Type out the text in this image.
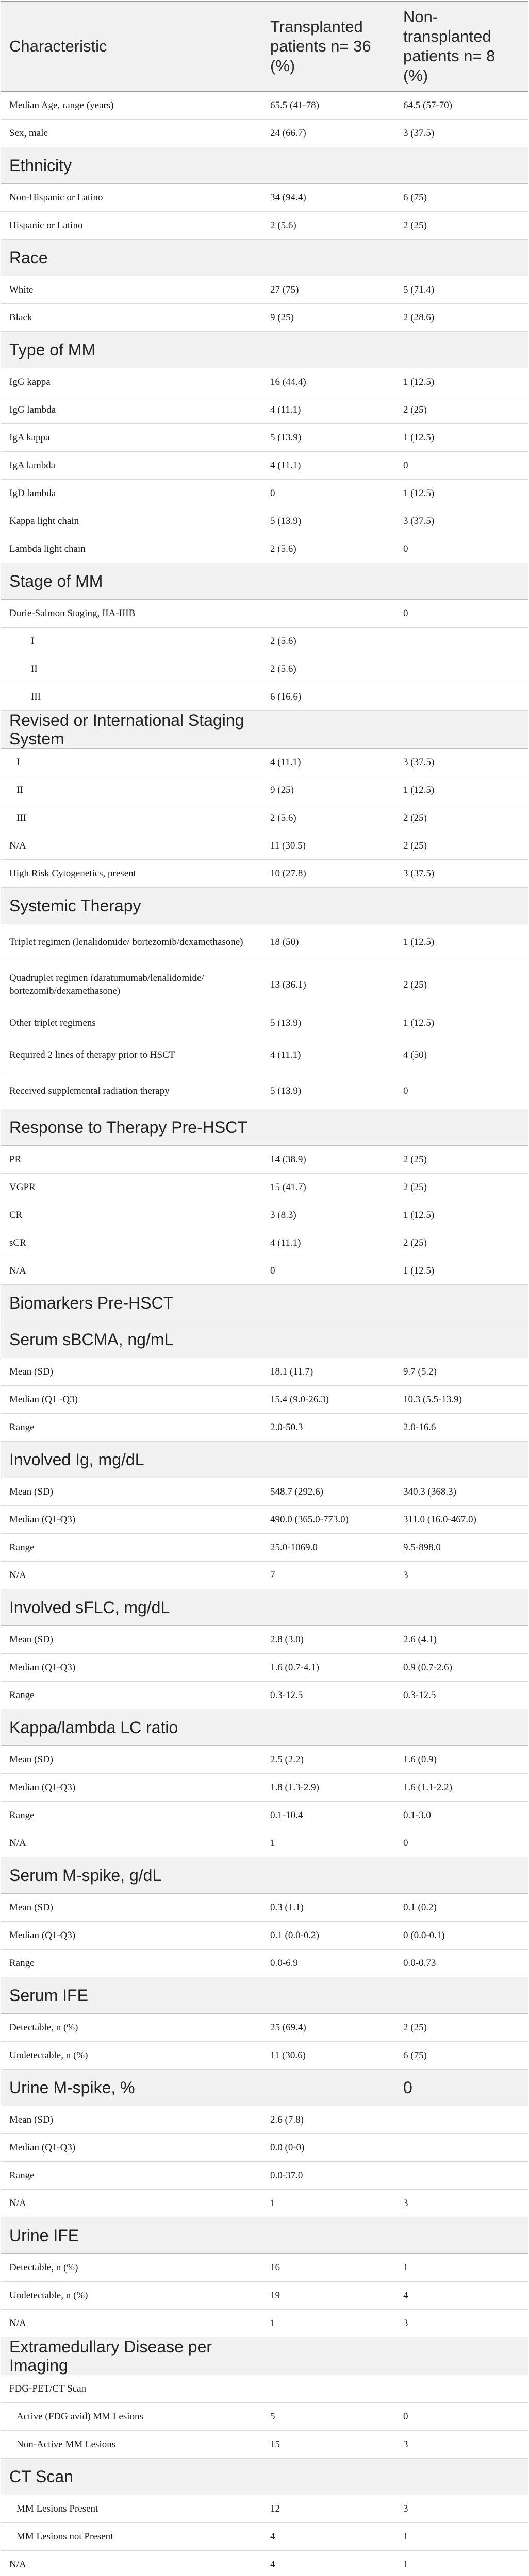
Characteristic	Transplanted patients n= 36 (%)	Non-transplanted patients n= 8 (%)
Median Age, range (years)	65.5 (41-78)	64.5 (57-70)
Sex, male	24 (66.7)	3 (37.5)
Ethnicity		
Non-Hispanic or Latino	34 (94.4)	6 (75)
Hispanic or Latino	2 (5.6)	2 (25)
Race		
White	27 (75)	5 (71.4)
Black	9 (25)	2 (28.6)
Type of MM		
IgG kappa	16 (44.4)	1 (12.5)
IgG lambda	4 (11.1)	2 (25)
IgA kappa	5 (13.9)	1 (12.5)
IgA lambda	4 (11.1)	0
IgD lambda	0	1 (12.5)
Kappa light chain	5 (13.9)	3 (37.5)
Lambda light chain	2 (5.6)	0
Stage of MM		
Durie-Salmon Staging, IIA-IIIB		0
I	2 (5.6)	
II	2 (5.6)	
III	6 (16.6)	
Revised or International Staging System		
I	4 (11.1)	3 (37.5)
II	9 (25)	1 (12.5)
III	2 (5.6)	2 (25)
N/A	11 (30.5)	2 (25)
High Risk Cytogenetics, present	10 (27.8)	3 (37.5)
Systemic Therapy		
Triplet regimen (lenalidomide/ bortezomib/dexamethasone)	18 (50)	1 (12.5)
Quadruplet regimen (daratumumab/lenalidomide/ bortezomib/dexamethasone)	13 (36.1)	2 (25)
Other triplet regimens	5 (13.9)	1 (12.5)
Required 2 lines of therapy prior to HSCT	4 (11.1)	4 (50)
Received supplemental radiation therapy	5 (13.9)	0
Response to Therapy Pre-HSCT		
PR	14 (38.9)	2 (25)
VGPR	15 (41.7)	2 (25)
CR	3 (8.3)	1 (12.5)
sCR	4 (11.1)	2 (25)
N/A	0	1 (12.5)
Biomarkers Pre-HSCT		
Serum sBCMA, ng/mL		
Mean (SD)	18.1 (11.7)	9.7 (5.2)
Median (Q1 -Q3)	15.4 (9.0-26.3)	10.3 (5.5-13.9)
Range	2.0-50.3	2.0-16.6
Involved Ig, mg/dL		
Mean (SD)	548.7 (292.6)	340.3 (368.3)
Median (Q1-Q3)	490.0 (365.0-773.0)	311.0 (16.0-467.0)
Range	25.0-1069.0	9.5-898.0
N/A	7	3
Involved sFLC, mg/dL		
Mean (SD)	2.8 (3.0)	2.6 (4.1)
Median (Q1-Q3)	1.6 (0.7-4.1)	0.9 (0.7-2.6)
Range	0.3-12.5	0.3-12.5
Kappa/lambda LC ratio		
Mean (SD)	2.5 (2.2)	1.6 (0.9)
Median (Q1-Q3)	1.8 (1.3-2.9)	1.6 (1.1-2.2)
Range	0.1-10.4	0.1-3.0
N/A	1	0
Serum M-spike, g/dL		
Mean (SD)	0.3 (1.1)	0.1 (0.2)
Median (Q1-Q3)	0.1 (0.0-0.2)	0 (0.0-0.1)
Range	0.0-6.9	0.0-0.73
Serum IFE		
Detectable, n (%)	25 (69.4)	2 (25)
Undetectable, n (%)	11 (30.6)	6 (75)
Urine M-spike, %		0
Mean (SD)	2.6 (7.8)	
Median (Q1-Q3)	0.0 (0-0)	
Range	0.0-37.0	
N/A	1	3
Urine IFE		
Detectable, n (%)	16	1
Undetectable, n (%)	19	4
N/A	1	3
Extramedullary Disease per Imaging		
FDG-PET/CT Scan		
Active (FDG avid) MM Lesions	5	0
Non-Active MM Lesions	15	3
CT Scan		
MM Lesions Present	12	3
MM Lesions not Present	4	1
N/A	4	1
